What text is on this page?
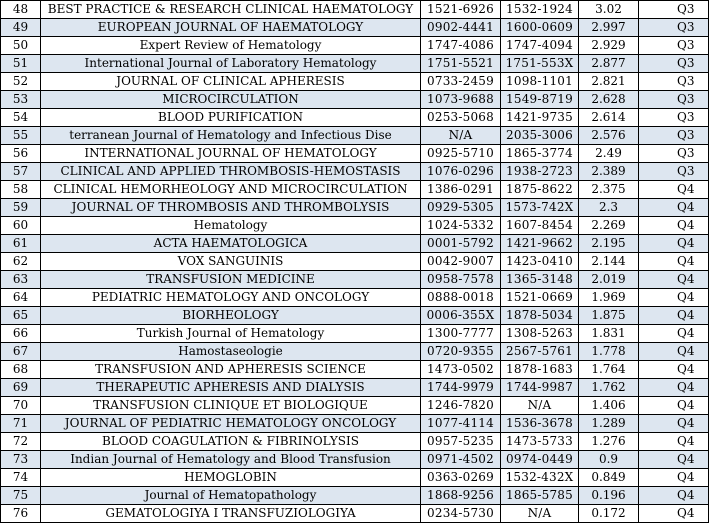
48	BEST PRACTICE & RESEARCH CLINICAL HAEMATOLOGY	1521-6926	1532-1924	3.02	Q3
49	EUROPEAN JOURNAL OF HAEMATOLOGY	0902-4441	1600-0609	2.997	Q3
50	Expert Review of Hematology	1747-4086	1747-4094	2.929	Q3
51	International Journal of Laboratory Hematology	1751-5521	1751-553X	2.877	Q3
52	JOURNAL OF CLINICAL APHERESIS	0733-2459	1098-1101	2.821	Q3
53	MICROCIRCULATION	1073-9688	1549-8719	2.628	Q3
54	BLOOD PURIFICATION	0253-5068	1421-9735	2.614	Q3
55	terranean Journal of Hematology and Infectious Dise	N/A	2035-3006	2.576	Q3
56	INTERNATIONAL JOURNAL OF HEMATOLOGY	0925-5710	1865-3774	2.49	Q3
57	CLINICAL AND APPLIED THROMBOSIS-HEMOSTASIS	1076-0296	1938-2723	2.389	Q3
58	CLINICAL HEMORHEOLOGY AND MICROCIRCULATION	1386-0291	1875-8622	2.375	Q4
59	JOURNAL OF THROMBOSIS AND THROMBOLYSIS	0929-5305	1573-742X	2.3	Q4
60	Hematology	1024-5332	1607-8454	2.269	Q4
61	ACTA HAEMATOLOGICA	0001-5792	1421-9662	2.195	Q4
62	VOX SANGUINIS	0042-9007	1423-0410	2.144	Q4
63	TRANSFUSION MEDICINE	0958-7578	1365-3148	2.019	Q4
64	PEDIATRIC HEMATOLOGY AND ONCOLOGY	0888-0018	1521-0669	1.969	Q4
65	BIORHEOLOGY	0006-355X	1878-5034	1.875	Q4
66	Turkish Journal of Hematology	1300-7777	1308-5263	1.831	Q4
67	Hamostaseologie	0720-9355	2567-5761	1.778	Q4
68	TRANSFUSION AND APHERESIS SCIENCE	1473-0502	1878-1683	1.764	Q4
69	THERAPEUTIC APHERESIS AND DIALYSIS	1744-9979	1744-9987	1.762	Q4
70	TRANSFUSION CLINIQUE ET BIOLOGIQUE	1246-7820	N/A	1.406	Q4
71	JOURNAL OF PEDIATRIC HEMATOLOGY ONCOLOGY	1077-4114	1536-3678	1.289	Q4
72	BLOOD COAGULATION & FIBRINOLYSIS	0957-5235	1473-5733	1.276	Q4
73	Indian Journal of Hematology and Blood Transfusion	0971-4502	0974-0449	0.9	Q4
74	HEMOGLOBIN	0363-0269	1532-432X	0.849	Q4
75	Journal of Hematopathology	1868-9256	1865-5785	0.196	Q4
76	GEMATOLOGIYA I TRANSFUZIOLOGIYA	0234-5730	N/A	0.172	Q4
